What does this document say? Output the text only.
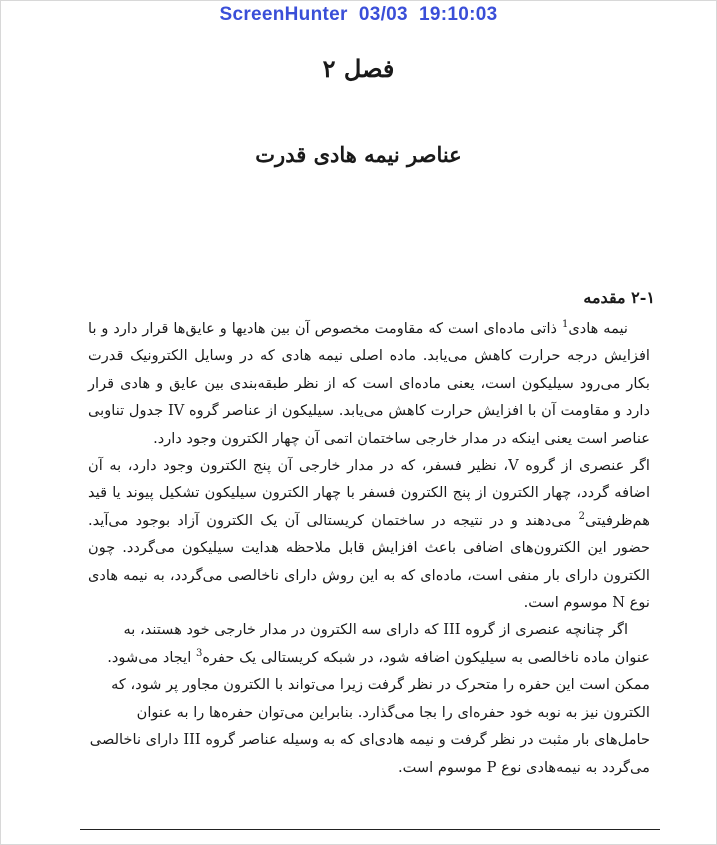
ScreenHunter  03/03  19:10:03
فصل ۲
عناصر نیمه هادی قدرت
۲-۱ مقدمه

نیمه هادی$^1$ ذاتی ماده‌ای است که مقاومت مخصوص آن بین هادیها و عایق‌ها قرار دارد و با افزایش درجه حرارت کاهش می‌یابد. ماده اصلی نیمه هادی که در وسایل الکترونیک قدرت بکار می‌رود سیلیکون است، یعنی ماده‌ای است که از نظر طبقه‌بندی بین عایق و هادی قرار دارد و مقاومت آن با افزایش حرارت کاهش می‌یابد. سیلیکون از عناصر گروه IV جدول تناوبی عناصر است یعنی اینکه در مدار خارجی ساختمان اتمی آن چهار الکترون وجود دارد.

اگر عنصری از گروه V، نظیر فسفر، که در مدار خارجی آن پنج الکترون وجود دارد، به آن اضافه گردد، چهار الکترون از پنج الکترون فسفر با چهار الکترون سیلیکون تشکیل پیوند یا قید هم‌ظرفیتی$^2$ می‌دهند و در نتیجه در ساختمان کریستالی آن یک الکترون آزاد بوجود می‌آید. حضور این الکترون‌های اضافی باعث افزایش قابل ملاحظه هدایت سیلیکون می‌گردد. چون الکترون دارای بار منفی است، ماده‌ای که به این روش دارای ناخالصی می‌گردد، به نیمه هادی نوع N موسوم است.

اگر چنانچه عنصری از گروه III که دارای سه الکترون در مدار خارجی خود هستند، به عنوان ماده ناخالصی به سیلیکون اضافه شود، در شبکه کریستالی یک حفره$^3$ ایجاد می‌شود. ممکن است این حفره را متحرک در نظر گرفت زیرا می‌تواند با الکترون مجاور پر شود، که الکترون نیز به نوبه خود حفره‌ای را بجا می‌گذارد. بنابراین می‌توان حفره‌ها را به عنوان حامل‌های بار مثبت در نظر گرفت و نیمه هادی‌ای که به وسیله عناصر گروه III دارای ناخالصی می‌گردد به نیمه‌هادی نوع P موسوم است.
